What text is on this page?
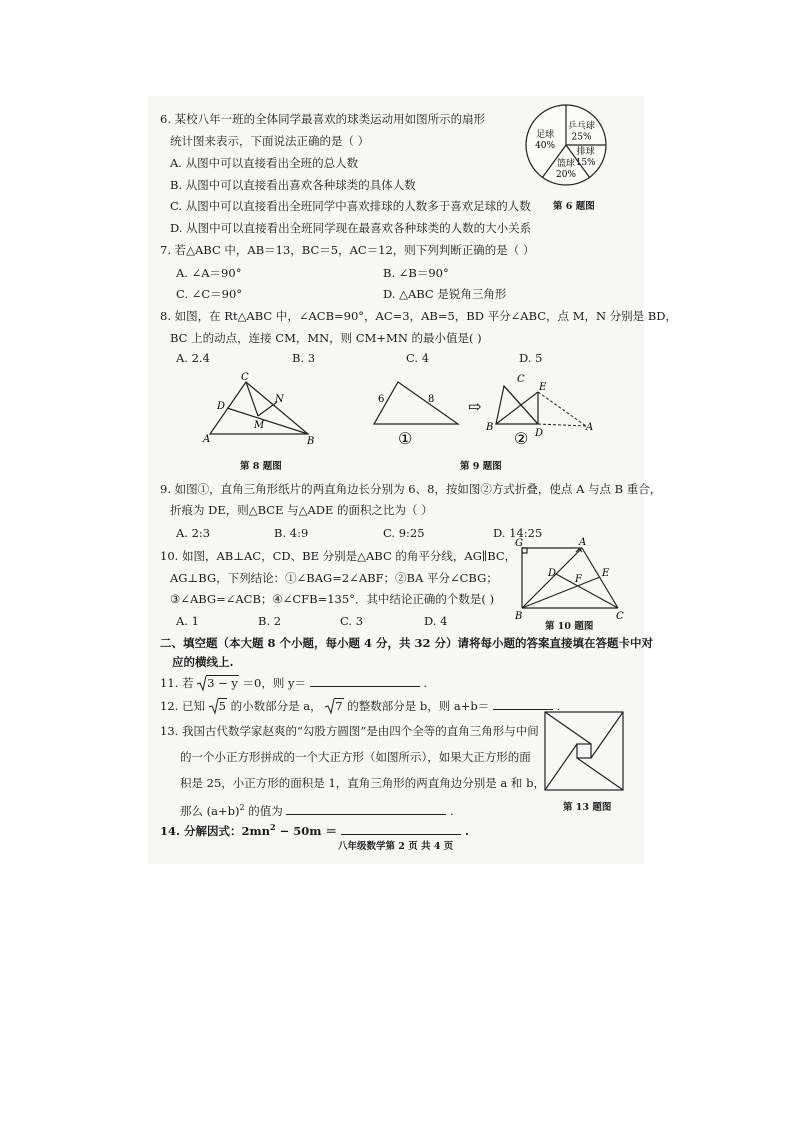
6. 某校八年一班的全体同学最喜欢的球类运动用如图所示的扇形
统计图来表示，下面说法正确的是（ ）
A. 从图中可以直接看出全班的总人数
B. 从图中可以直接看出喜欢各种球类的具体人数
C. 从图中可以直接看出全班同学中喜欢排球的人数多于喜欢足球的人数
D. 从图中可以直接看出全班同学现在最喜欢各种球类的人数的大小关系
乒乓球
25%
排球
15%
篮球
20%
足球
40%
第 6 题图
7. 若△ABC 中，AB＝13，BC＝5，AC＝12，则下列判断正确的是（ ）
A. ∠A＝90°	B. ∠B＝90°
C. ∠C＝90°	D. △ABC 是锐角三角形
8. 如图，在 Rt△ABC 中，∠ACB=90°，AC=3，AB=5，BD 平分∠ABC，点 M，N 分别是 BD，
BC 上的动点，连接 CM，MN，则 CM+MN 的最小值是( )
A. 2.4	B. 3	C. 4	D. 5
C
D
N
M
A	B
第 8 题图
6	8 ⇨
①	②
C
E
B
D
A
第 9 题图
9. 如图①，直角三角形纸片的两直角边长分别为 6、8，按如图②方式折叠，使点 A 与点 B 重合，
折痕为 DE，则△BCE 与△ADE 的面积之比为（ ）
A. 2:3	B. 4:9	C. 9:25	D. 14:25
10. 如图，AB⊥AC，CD、BE 分别是△ABC 的角平分线，AG∥BC，
AG⊥BG，下列结论：①∠BAG=2∠ABF；②BA 平分∠CBG；
③∠ABG=∠ACB；④∠CFB=135°．其中结论正确的个数是( )
A. 1	B. 2	C. 3	D. 4
G	A
D
F
E
B	C
第 10 题图
二、填空题（本大题 8 个小题，每小题 4 分，共 32 分）请将每小题的答案直接填在答题卡中对
应的横线上.
11. 若 3 − y ＝0，则 y＝	.
12. 已知 5 的小数部分是 a， 7 的整数部分是 b，则 a+b＝	.
13. 我国古代数学家赵爽的“勾股方圆图”是由四个全等的直角三角形与中间
的一个小正方形拼成的一个大正方形（如图所示），如果大正方形的面
积是 25，小正方形的面积是 1，直角三角形的两直角边分别是 a 和 b，
那么 $(a+b)^2$ 的值为	.	第 13 题图
14. 分解因式：$2mn^2 - 50m$ ＝	.
八年级数学第 2 页 共 4 页
